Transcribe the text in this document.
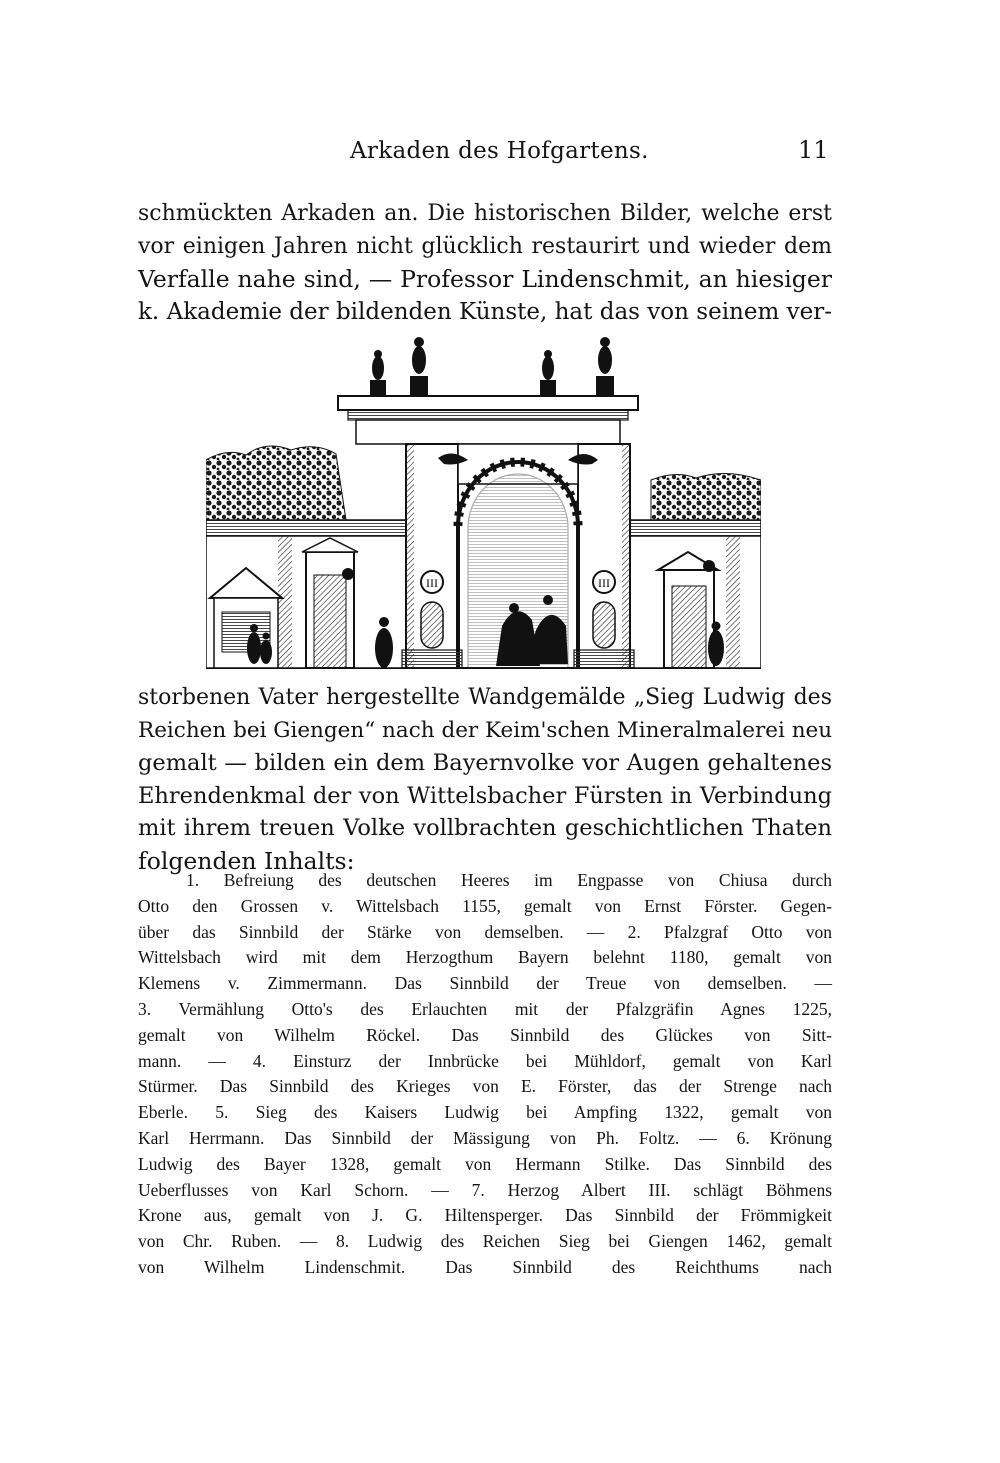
Arkaden des Hofgartens.	11
schmückten Arkaden an. Die historischen Bilder, welche erst
vor einigen Jahren nicht glücklich restaurirt und wieder dem
Verfalle nahe sind, — Professor Lindenschmit, an hiesiger
k. Akademie der bildenden Künste, hat das von seinem ver-
III	III
storbenen Vater hergestellte Wandgemälde „Sieg Ludwig des
Reichen bei Giengen“ nach der Keim'schen Mineralmalerei neu
gemalt — bilden ein dem Bayernvolke vor Augen gehaltenes
Ehrendenkmal der von Wittelsbacher Fürsten in Verbindung
mit ihrem treuen Volke vollbrachten geschichtlichen Thaten
folgenden Inhalts:
1. Befreiung des deutschen Heeres im Engpasse von Chiusa durch
Otto den Grossen v. Wittelsbach 1155, gemalt von Ernst Förster. Gegen-
über das Sinnbild der Stärke von demselben. — 2. Pfalzgraf Otto von
Wittelsbach wird mit dem Herzogthum Bayern belehnt 1180, gemalt von
Klemens v. Zimmermann. Das Sinnbild der Treue von demselben. —
3. Vermählung Otto's des Erlauchten mit der Pfalzgräfin Agnes 1225,
gemalt von Wilhelm Röckel. Das Sinnbild des Glückes von Sitt-
mann. — 4. Einsturz der Innbrücke bei Mühldorf, gemalt von Karl
Stürmer. Das Sinnbild des Krieges von E. Förster, das der Strenge nach
Eberle. 5. Sieg des Kaisers Ludwig bei Ampfing 1322, gemalt von
Karl Herrmann. Das Sinnbild der Mässigung von Ph. Foltz. — 6. Krönung
Ludwig des Bayer 1328, gemalt von Hermann Stilke. Das Sinnbild des
Ueberflusses von Karl Schorn. — 7. Herzog Albert III. schlägt Böhmens
Krone aus, gemalt von J. G. Hiltensperger. Das Sinnbild der Frömmigkeit
von Chr. Ruben. — 8. Ludwig des Reichen Sieg bei Giengen 1462, gemalt
von Wilhelm Lindenschmit. Das Sinnbild des Reichthums nach
